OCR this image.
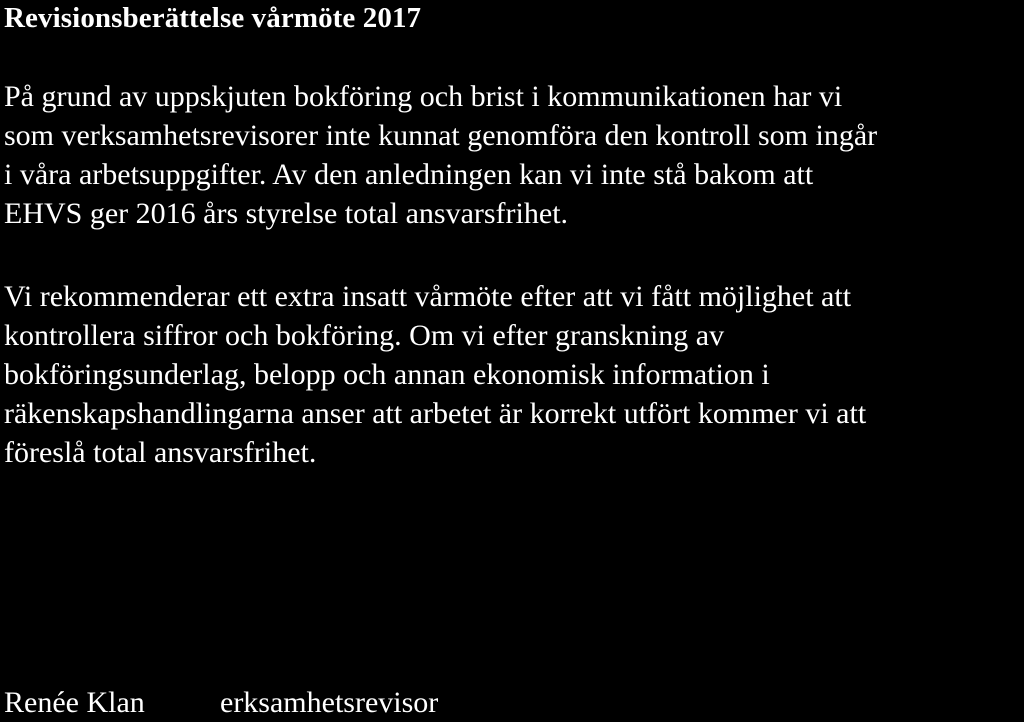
Revisionsberättelse vårmöte 2017

På grund av uppskjuten bokföring och brist i kommunikationen har vi
som verksamhetsrevisorer inte kunnat genomföra den kontroll som ingår
i våra arbetsuppgifter. Av den anledningen kan vi inte stå bakom att
EHVS ger 2016 års styrelse total ansvarsfrihet.

Vi rekommenderar ett extra insatt vårmöte efter att vi fått möjlighet att
kontrollera siffror och bokföring. Om vi efter granskning av
bokföringsunderlag, belopp och annan ekonomisk information i
räkenskapshandlingarna anser att arbetet är korrekt utfört kommer vi att
föreslå total ansvarsfrihet.

Renée Klan	erksamhetsrevisor
